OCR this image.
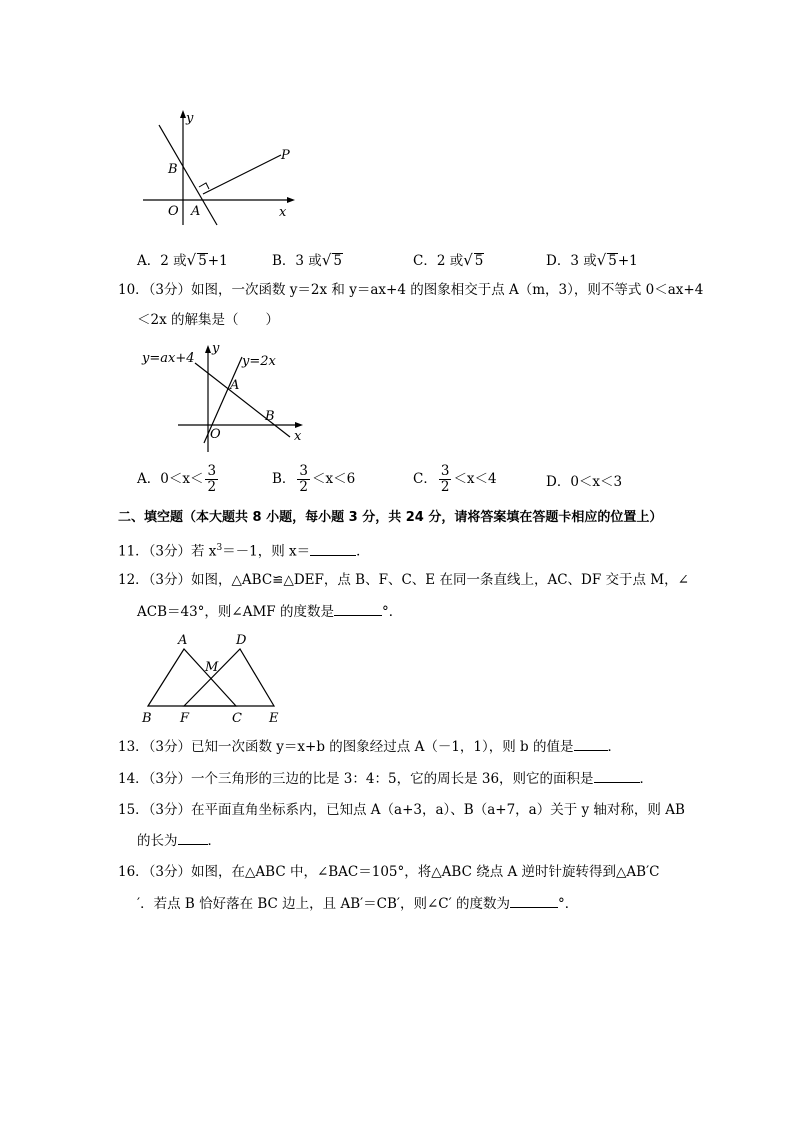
y
x
O A
B
P
A．2 或√ 5+1	B．3 或√ 5	C．2 或√ 5	D．3 或√ 5+1
10．（3分）如图，一次函数 y＝2x 和 y＝ax+4 的图象相交于点 A（m，3），则不等式 0＜ax+4
＜2x 的解集是（　　）
y=ax+4	y=2x
y
x
O
A
B
A．$0<x< \frac{3}{2}$	B． $\frac{3}{2} <x<6$	C． $\frac{3}{2} <x<4$	D．0＜x＜3
二、填空题（本大题共 8 小题，每小题 3 分，共 24 分，请将答案填在答题卡相应的位置上）
11．（3分）若 $x^3=-1$，则 x＝	．
12．（3分）如图，△ABC≌△DEF，点 B、F、C、E 在同一条直线上，AC、DF 交于点 M，∠
ACB＝43°，则∠AMF 的度数是	°．
A	D
M
B F	C E
13．（3分）已知一次函数 y＝x+b 的图象经过点 A（－1，1），则 b 的值是	．
14．（3分）一个三角形的三边的比是 3：4：5，它的周长是 36，则它的面积是	．
15．（3分）在平面直角坐标系内，已知点 A（a+3，a）、B（a+7，a）关于 y 轴对称，则 AB
的长为 ．
16．（3分）如图，在△ABC 中，∠BAC＝105°，将△ABC 绕点 A 逆时针旋转得到△AB′C
′．若点 B 恰好落在 BC 边上，且 AB′＝CB′，则∠C′ 的度数为	°．
